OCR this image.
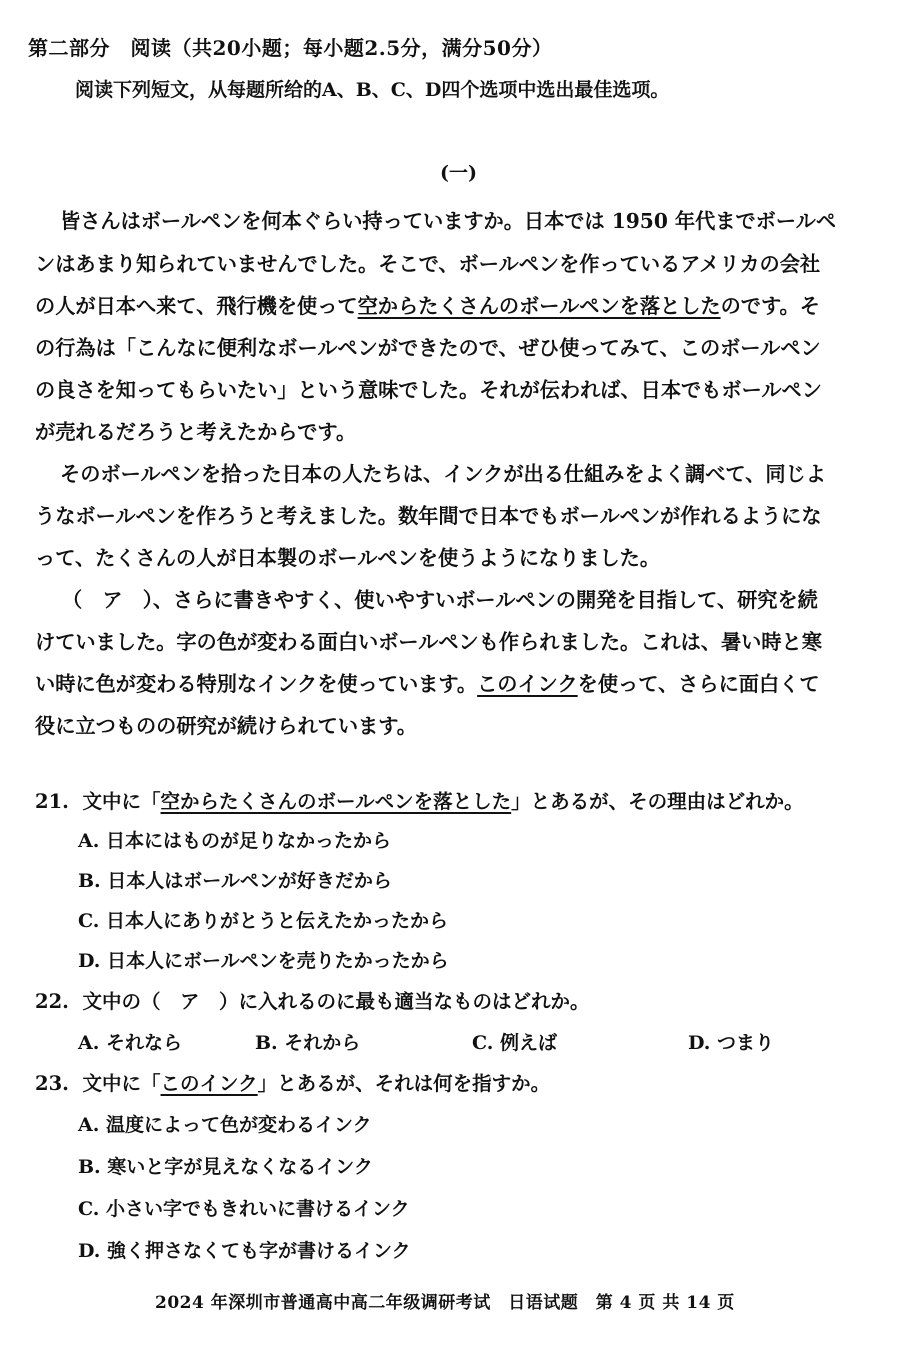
第二部分　阅读（共20小题；每小题2.5分，满分50分）
阅读下列短文，从每题所给的A、B、C、D四个选项中选出最佳选项。
(一)
皆さんはボールペンを何本ぐらい持っていますか。日本では 1950 年代までボールペ
ンはあまり知られていませんでした。そこで、ボールペンを作っているアメリカの会社
の人が日本へ来て、飛行機を使って空からたくさんのボールペンを落としたのです。そ
の行為は「こんなに便利なボールペンができたので、ぜひ使ってみて、このボールペン
の良さを知ってもらいたい」という意味でした。それが伝われば、日本でもボールペン
が売れるだろうと考えたからです。
そのボールペンを拾った日本の人たちは、インクが出る仕組みをよく調べて、同じよ
うなボールペンを作ろうと考えました。数年間で日本でもボールペンが作れるようにな
って、たくさんの人が日本製のボールペンを使うようになりました。
（　ア　）、さらに書きやすく、使いやすいボールペンの開発を目指して、研究を続
けていました。字の色が変わる面白いボールペンも作られました。これは、暑い時と寒
い時に色が変わる特別なインクを使っています。このインクを使って、さらに面白くて
役に立つものの研究が続けられています。
21. 文中に「空からたくさんのボールペンを落とした」とあるが、その理由はどれか。
A. 日本にはものが足りなかったから
B. 日本人はボールペンが好きだから
C. 日本人にありがとうと伝えたかったから
D. 日本人にボールペンを売りたかったから
22. 文中の（　ア　）に入れるのに最も適当なものはどれか。
A. それなら	B. それから	C. 例えば	D. つまり
23. 文中に「このインク」とあるが、それは何を指すか。
A. 温度によって色が変わるインク
B. 寒いと字が見えなくなるインク
C. 小さい字でもきれいに書けるインク
D. 強く押さなくても字が書けるインク
2024 年深圳市普通高中高二年级调研考试　日语试题　第 4 页 共 14 页
